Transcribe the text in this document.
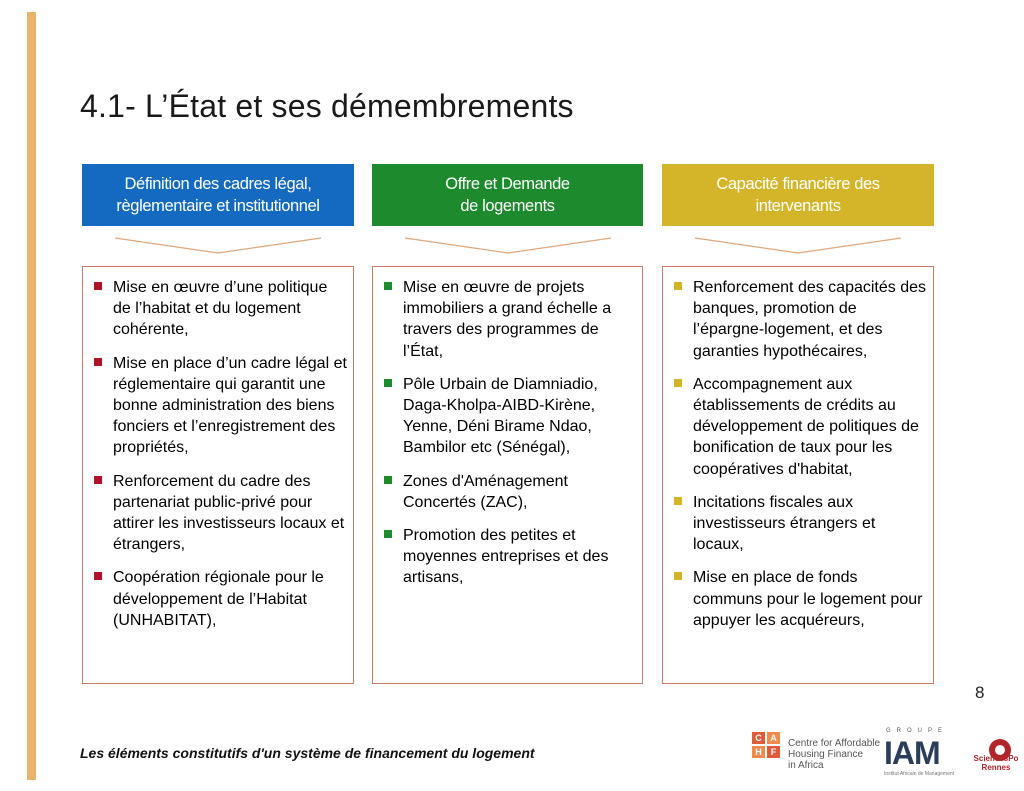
4.1- L’État et ses démembrements
Définition des cadres légal,
règlementaire et institutionnel
Mise en œuvre d’une politique de l’habitat et du logement cohérente,
Mise en place d’un cadre légal et réglementaire qui garantit une bonne administration des biens fonciers et l’enregistrement des propriétés,
Renforcement du cadre des partenariat public-privé pour attirer les investisseurs locaux et étrangers,
Coopération régionale pour le développement de l’Habitat (UNHABITAT),
Offre et Demande
de logements
Mise en œuvre de projets immobiliers a grand échelle a travers des programmes de l’État,
Pôle Urbain de Diamniadio, Daga-Kholpa-AIBD-Kirène, Yenne, Déni Birame Ndao, Bambilor etc (Sénégal),
Zones d'Aménagement Concertés (ZAC),
Promotion des petites et moyennes entreprises et des artisans,
Capacité financière des
intervenants
Renforcement des capacités des banques, promotion de l’épargne-logement, et des garanties hypothécaires,
Accompagnement aux établissements de crédits au développement de politiques de bonification de taux pour les coopératives d'habitat,
Incitations fiscales aux investisseurs étrangers et locaux,
Mise en place de fonds communs pour le logement pour appuyer les acquéreurs,
8
Les éléments constitutifs d'un système de financement du logement
C A
H	F
Centre for Affordable
Housing Finance
in Africa
GROUPE
IAM
Institut Africain de Management
SciencesPo
Rennes
